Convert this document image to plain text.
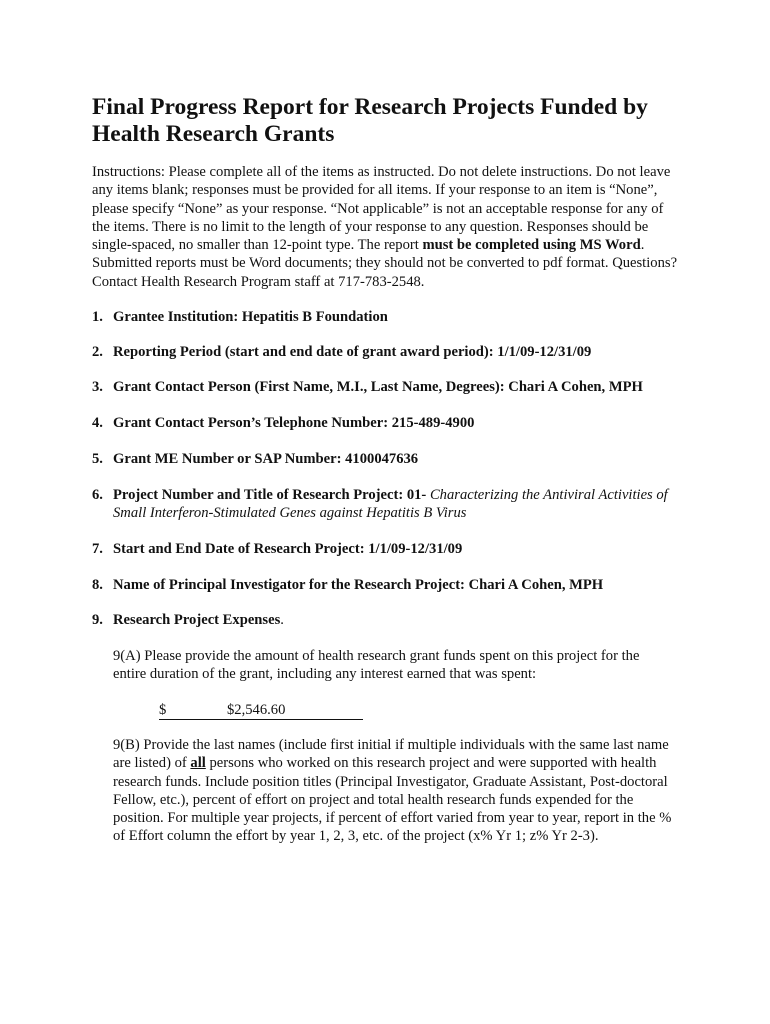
Final Progress Report for Research Projects Funded by Health Research Grants

Instructions: Please complete all of the items as instructed. Do not delete instructions. Do not leave any items blank; responses must be provided for all items. If your response to an item is “None”, please specify “None” as your response. “Not applicable” is not an acceptable response for any of the items. There is no limit to the length of your response to any question. Responses should be single-spaced, no smaller than 12-point type. The report must be completed using MS Word. Submitted reports must be Word documents; they should not be converted to pdf format. Questions? Contact Health Research Program staff at 717-783-2548.

1. Grantee Institution: Hepatitis B Foundation
2. Reporting Period (start and end date of grant award period): 1/1/09-12/31/09
3. Grant Contact Person (First Name, M.I., Last Name, Degrees): Chari A Cohen, MPH
4. Grant Contact Person’s Telephone Number: 215-489-4900
5. Grant ME Number or SAP Number: 4100047636
6. Project Number and Title of Research Project: 01- Characterizing the Antiviral Activities of Small Interferon-Stimulated Genes against Hepatitis B Virus
7. Start and End Date of Research Project: 1/1/09-12/31/09
8. Name of Principal Investigator for the Research Project: Chari A Cohen, MPH
9. Research Project Expenses.

9(A) Please provide the amount of health research grant funds spent on this project for the entire duration of the grant, including any interest earned that was spent:

$	$2,546.60

9(B) Provide the last names (include first initial if multiple individuals with the same last name are listed) of all persons who worked on this research project and were supported with health research funds. Include position titles (Principal Investigator, Graduate Assistant, Post-doctoral Fellow, etc.), percent of effort on project and total health research funds expended for the position. For multiple year projects, if percent of effort varied from year to year, report in the % of Effort column the effort by year 1, 2, 3, etc. of the project (x% Yr 1; z% Yr 2-3).
